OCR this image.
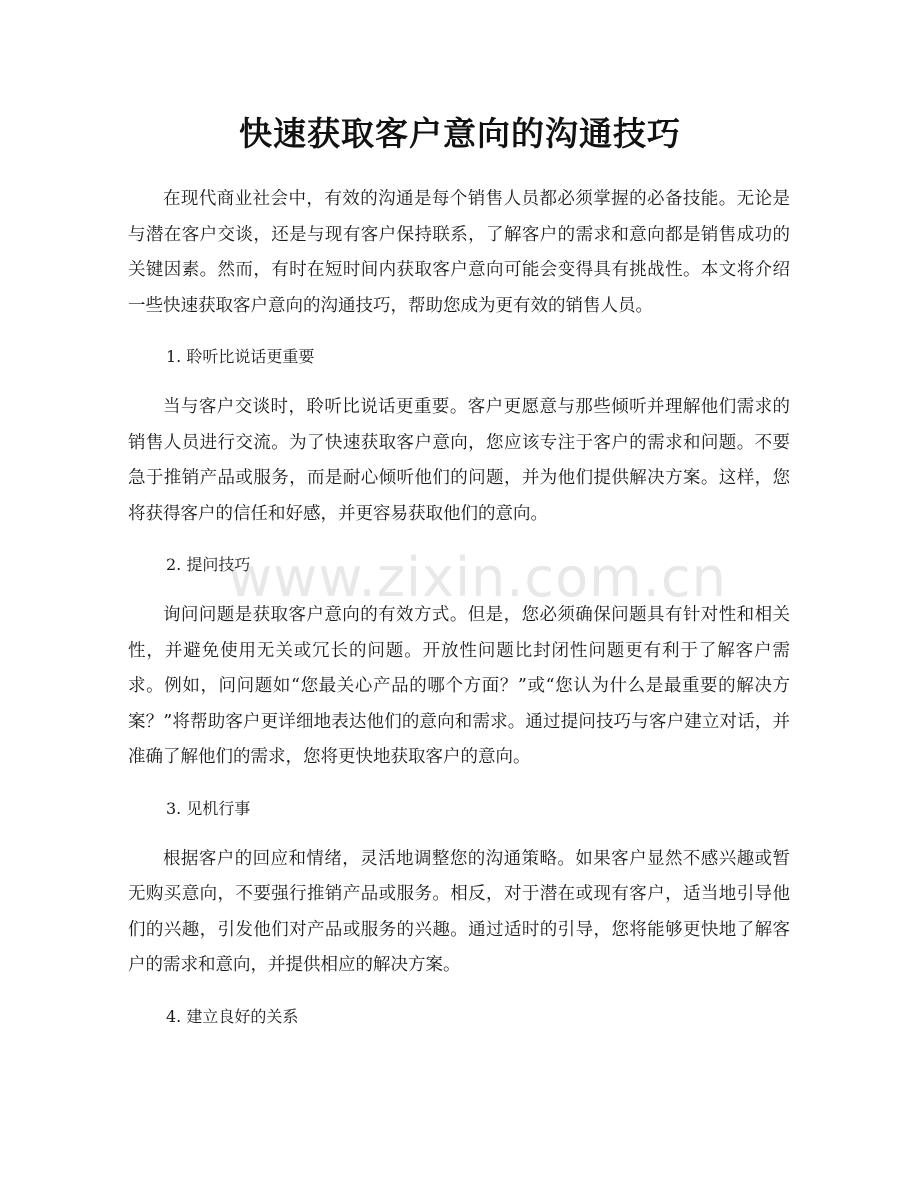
快速获取客户意向的沟通技巧

在现代商业社会中，有效的沟通是每个销售人员都必须掌握的必备技能。无论是与潜在客户交谈，还是与现有客户保持联系，了解客户的需求和意向都是销售成功的关键因素。然而，有时在短时间内获取客户意向可能会变得具有挑战性。本文将介绍一些快速获取客户意向的沟通技巧，帮助您成为更有效的销售人员。

1. 聆听比说话更重要

当与客户交谈时，聆听比说话更重要。客户更愿意与那些倾听并理解他们需求的销售人员进行交流。为了快速获取客户意向，您应该专注于客户的需求和问题。不要急于推销产品或服务，而是耐心倾听他们的问题，并为他们提供解决方案。这样，您将获得客户的信任和好感，并更容易获取他们的意向。

2. 提问技巧

询问问题是获取客户意向的有效方式。但是，您必须确保问题具有针对性和相关性，并避免使用无关或冗长的问题。开放性问题比封闭性问题更有利于了解客户需求。例如，问问题如“您最关心产品的哪个方面？”或“您认为什么是最重要的解决方案？”将帮助客户更详细地表达他们的意向和需求。通过提问技巧与客户建立对话，并准确了解他们的需求，您将更快地获取客户的意向。

3. 见机行事

根据客户的回应和情绪，灵活地调整您的沟通策略。如果客户显然不感兴趣或暂无购买意向，不要强行推销产品或服务。相反，对于潜在或现有客户，适当地引导他们的兴趣，引发他们对产品或服务的兴趣。通过适时的引导，您将能够更快地了解客户的需求和意向，并提供相应的解决方案。

4. 建立良好的关系
www.zixin.com.cn
